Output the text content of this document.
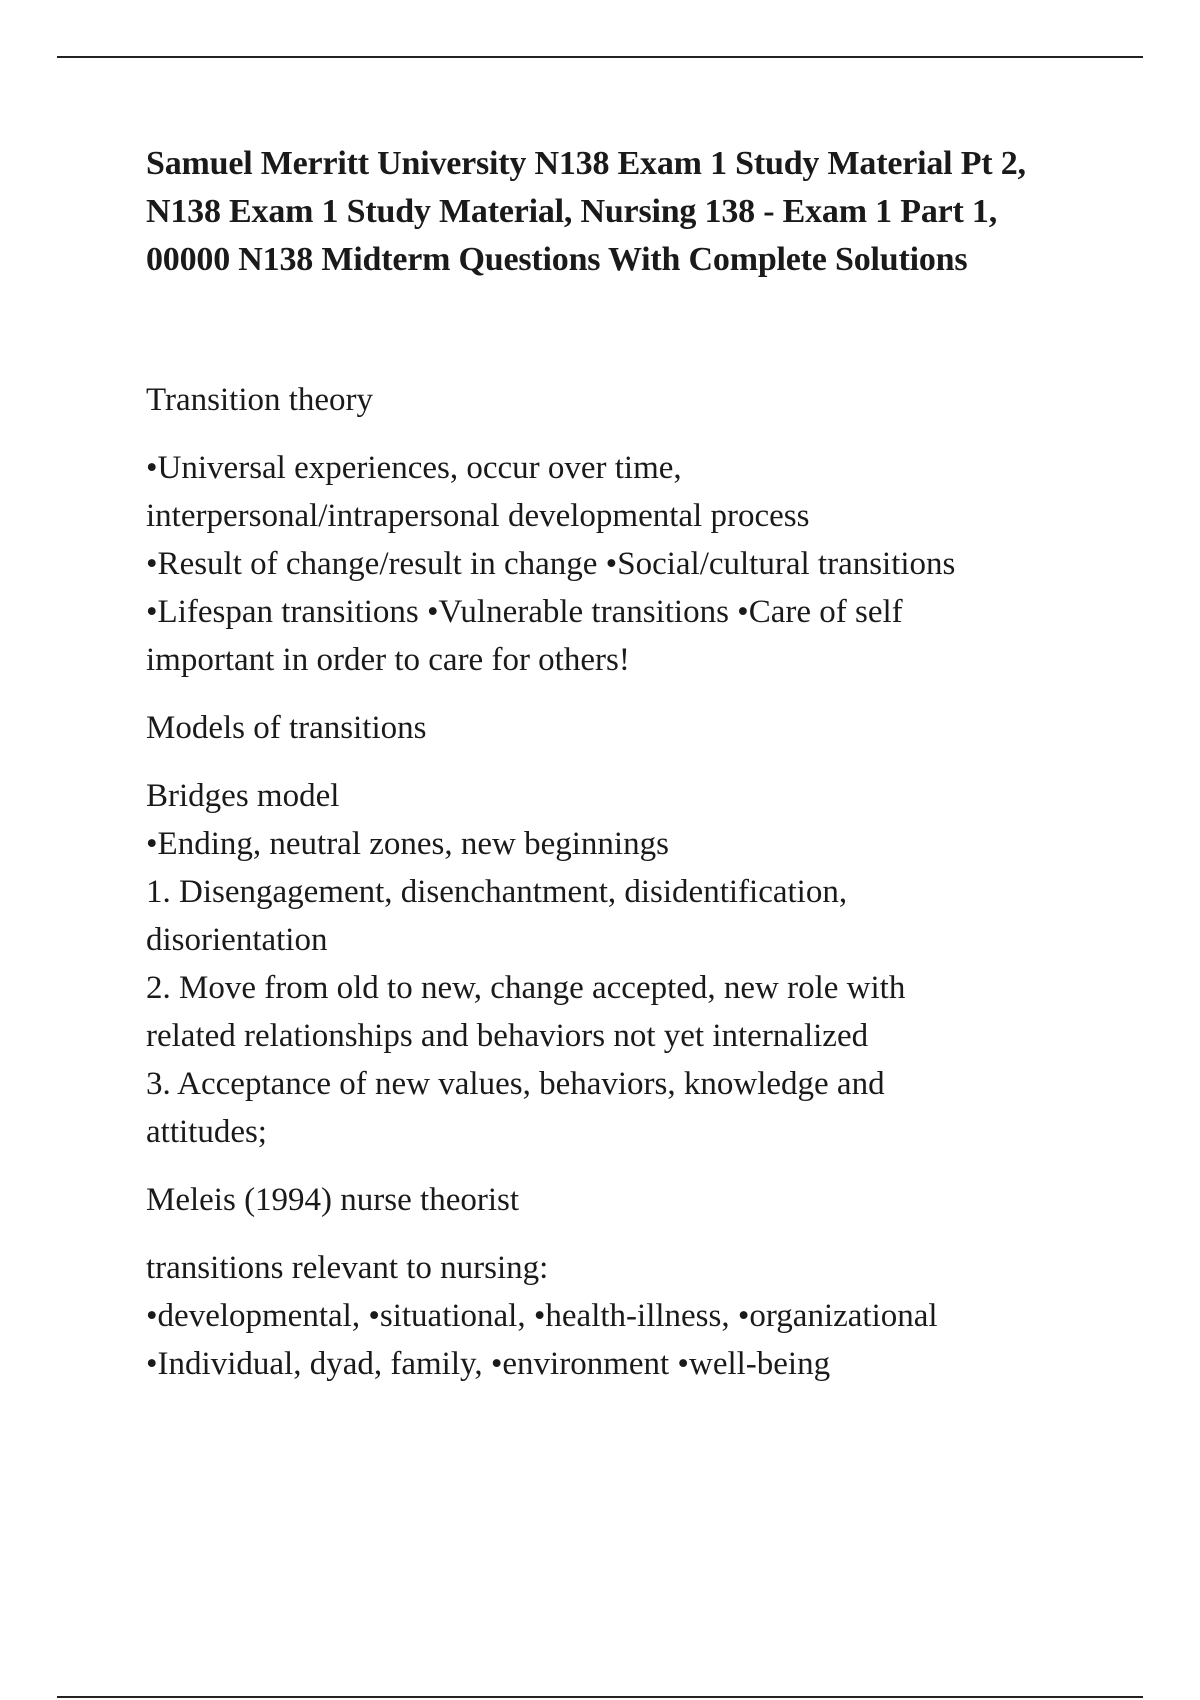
Samuel Merritt University N138 Exam 1 Study Material Pt 2, N138 Exam 1 Study Material, Nursing 138 - Exam 1 Part 1, 00000 N138 Midterm Questions With Complete Solutions

Transition theory

•Universal experiences, occur over time,

interpersonal/intrapersonal developmental process

•Result of change/result in change •Social/cultural transitions

•Lifespan transitions •Vulnerable transitions •Care of self

important in order to care for others!

Models of transitions

Bridges model

•Ending, neutral zones, new beginnings

1. Disengagement, disenchantment, disidentification,

disorientation

2. Move from old to new, change accepted, new role with

related relationships and behaviors not yet internalized

3. Acceptance of new values, behaviors, knowledge and

attitudes;

Meleis (1994) nurse theorist

transitions relevant to nursing:

•developmental, •situational, •health-illness, •organizational

•Individual, dyad, family, •environment •well-being
